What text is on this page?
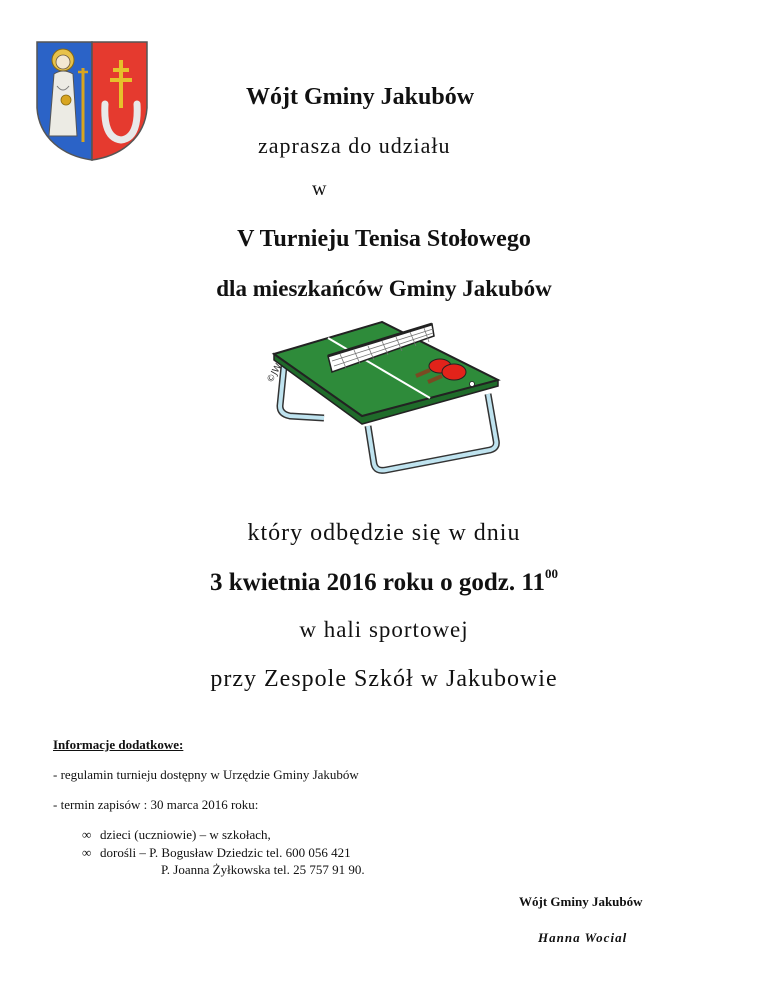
Wójt Gminy Jakubów
zaprasza do udziału
w
V Turnieju Tenisa Stołowego
dla mieszkańców Gminy Jakubów
©JW
który odbędzie się w dniu
3 kwietnia 2016 roku o godz. $11^{00}$
w hali sportowej
przy Zespole Szkół w Jakubowie
Informacje dodatkowe:
- regulamin turnieju dostępny w Urzędzie Gminy Jakubów
- termin zapisów : 30 marca 2016 roku:
∞ dzieci (uczniowie) – w szkołach,
∞ dorośli – P. Bogusław Dziedzic tel. 600 056 421
P. Joanna Żyłkowska tel. 25 757 91 90.
Wójt Gminy Jakubów
Hanna Wocial
